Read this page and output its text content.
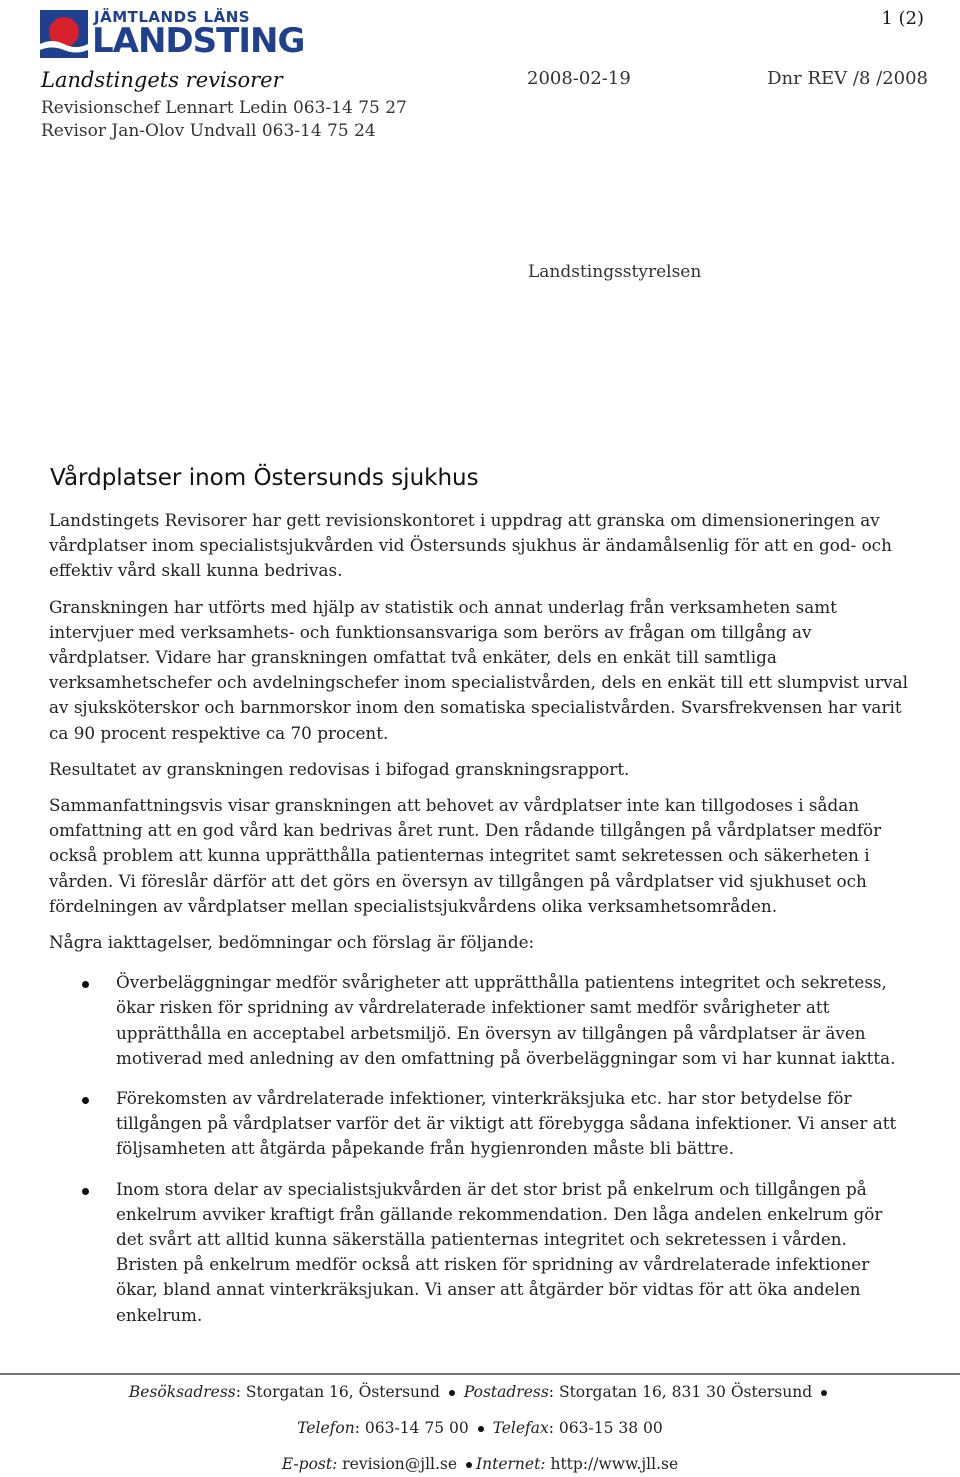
JÄMTLANDS LÄNS
LANDSTING
1 (2)
Landstingets revisorer
Revisionschef Lennart Ledin 063-14 75 27
Revisor Jan-Olov Undvall 063-14 75 24
2008-02-19	Dnr REV /8 /2008
Landstingsstyrelsen
Vårdplatser inom Östersunds sjukhus

Landstingets Revisorer har gett revisionskontoret i uppdrag att granska om dimensioneringen av vårdplatser inom specialistsjukvården vid Östersunds sjukhus är ändamålsenlig för att en god- och effektiv vård skall kunna bedrivas.

Granskningen har utförts med hjälp av statistik och annat underlag från verksamheten samt intervjuer med verksamhets- och funktionsansvariga som berörs av frågan om tillgång av vårdplatser. Vidare har granskningen omfattat två enkäter, dels en enkät till samtliga verksamhetschefer och avdelningschefer inom specialistvården, dels en enkät till ett slumpvist urval av sjuksköterskor och barnmorskor inom den somatiska specialistvården. Svarsfrekvensen har varit ca 90 procent respektive ca 70 procent.

Resultatet av granskningen redovisas i bifogad granskningsrapport.

Sammanfattningsvis visar granskningen att behovet av vårdplatser inte kan tillgodoses i sådan omfattning att en god vård kan bedrivas året runt. Den rådande tillgången på vårdplatser medför också problem att kunna upprätthålla patienternas integritet samt sekretessen och säkerheten i vården. Vi föreslår därför att det görs en översyn av tillgången på vårdplatser vid sjukhuset och fördelningen av vårdplatser mellan specialistsjukvårdens olika verksamhetsområden.

Några iakttagelser, bedömningar och förslag är följande:

Överbeläggningar medför svårigheter att upprätthålla patientens integritet och sekretess, ökar risken för spridning av vårdrelaterade infektioner samt medför svårigheter att upprätthålla en acceptabel arbetsmiljö. En översyn av tillgången på vårdplatser är även motiverad med anledning av den omfattning på överbeläggningar som vi har kunnat iaktta.
Förekomsten av vårdrelaterade infektioner, vinterkräksjuka etc. har stor betydelse för tillgången på vårdplatser varför det är viktigt att förebygga sådana infektioner. Vi anser att följsamheten att åtgärda påpekande från hygienronden måste bli bättre.
Inom stora delar av specialistsjukvården är det stor brist på enkelrum och tillgången på enkelrum avviker kraftigt från gällande rekommendation. Den låga andelen enkelrum gör det svårt att alltid kunna säkerställa patienternas integritet och sekretessen i vården. Bristen på enkelrum medför också att risken för spridning av vårdrelaterade infektioner ökar, bland annat vinterkräksjukan. Vi anser att åtgärder bör vidtas för att öka andelen enkelrum.
Besöksadress: Storgatan 16, Östersund Postadress: Storgatan 16, 831 30 Östersund
Telefon: 063-14 75 00 Telefax: 063-15 38 00
E-post: revision@jll.se Internet: http://www.jll.se
